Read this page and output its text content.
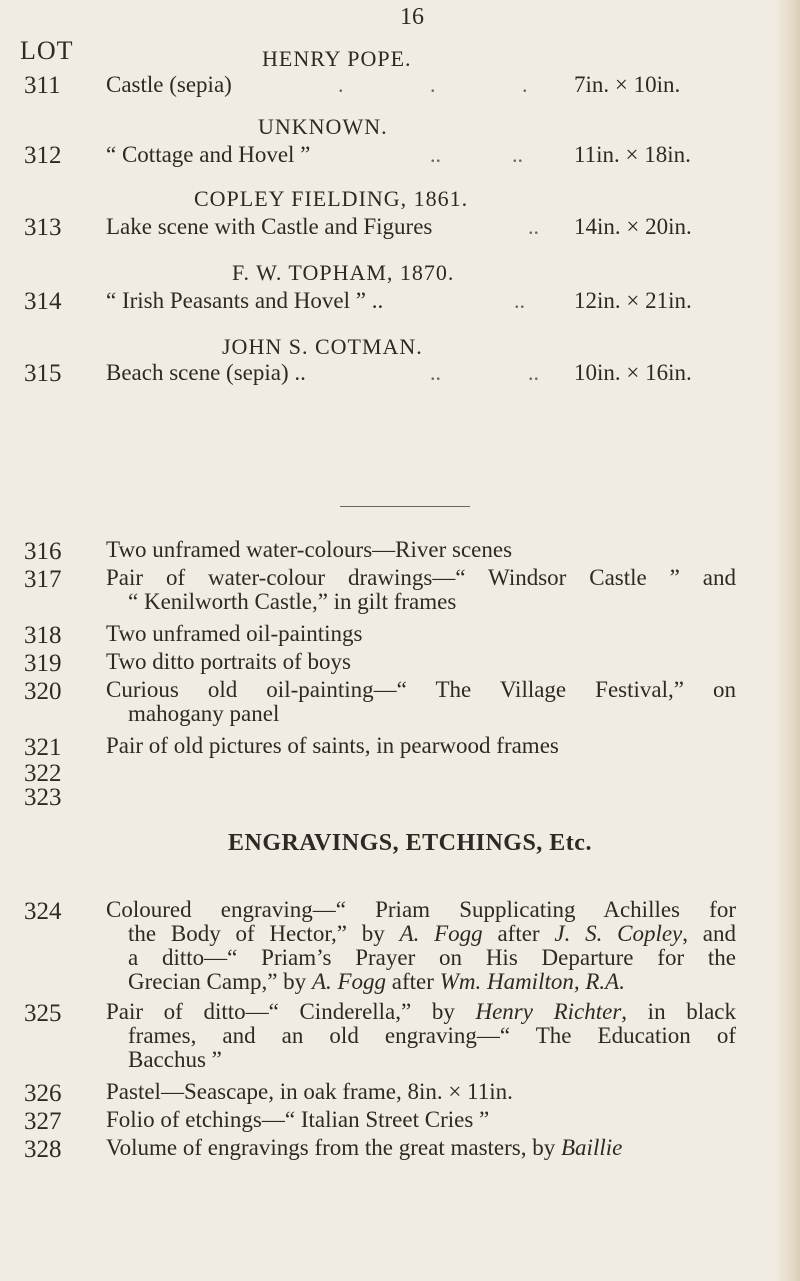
16
LOT	HENRY POPE.
311 Castle (sepia)	.	.	. 7in. × 10in.
UNKNOWN.
312 “ Cottage and Hovel ”	..	.. 11in. × 18in.
COPLEY FIELDING, 1861.
313 Lake scene with Castle and Figures	.. 14in. × 20in.
F. W. TOPHAM, 1870.
314 “ Irish Peasants and Hovel ” ..	.. 12in. × 21in.
JOHN S. COTMAN.
315 Beach scene (sepia) ..	..	.. 10in. × 16in.
316 Two unframed water-colours—River scenes
317 Pair of water-colour drawings—“ Windsor Castle ” and
“ Kenilworth Castle,” in gilt frames
318 Two unframed oil-paintings
319 Two ditto portraits of boys
320 Curious old oil-painting—“ The Village Festival,” on
mahogany panel
321 Pair of old pictures of saints, in pearwood frames
322
323
ENGRAVINGS, ETCHINGS, Etc.
324 Coloured engraving—“ Priam Supplicating Achilles for
the Body of Hector,” by A. Fogg after J. S. Copley, and
a ditto—“ Priam’s Prayer on His Departure for the
Grecian Camp,” by A. Fogg after Wm. Hamilton, R.A.
325 Pair of ditto—“ Cinderella,” by Henry Richter, in black
frames, and an old engraving—“ The Education of
Bacchus ”
326 Pastel—Seascape, in oak frame, 8in. × 11in.
327 Folio of etchings—“ Italian Street Cries ”
328 Volume of engravings from the great masters, by Baillie
